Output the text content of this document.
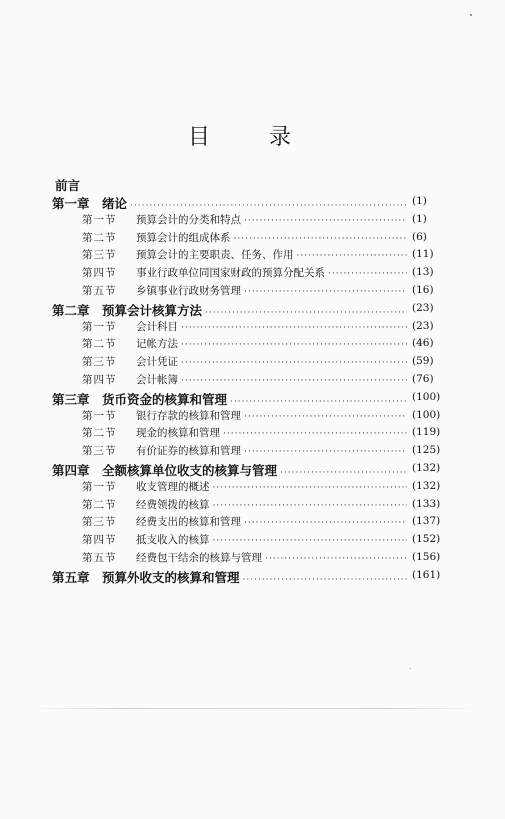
目 录
前言
第一章 绪论 ·····	(1)
第一节	预算会计的分类和特点 ·····	(1)
第二节	预算会计的组成体系 ·····	(6)
第三节	预算会计的主要职责、任务、作用 ·····	(11)
第四节	事业行政单位同国家财政的预算分配关系 ·····	(13)
第五节	乡镇事业行政财务管理 ·····	(16)
第二章 预算会计核算方法 ·····	(23)
第一节	会计科目 ·····	(23)
第二节	记帐方法 ·····	(46)
第三节	会计凭证 ·····	(59)
第四节	会计帐簿 ·····	(76)
第三章 货币资金的核算和管理 ·····	(100)
第一节	银行存款的核算和管理 ·····	(100)
第二节	现金的核算和管理 ·····	(119)
第三节	有价证券的核算和管理 ·····	(125)
第四章 全额核算单位收支的核算与管理 ·····	(132)
第一节	收支管理的概述 ·····	(132)
第二节	经费领拨的核算 ·····	(133)
第三节	经费支出的核算和管理 ·····	(137)
第四节	抵支收入的核算 ·····	(152)
第五节	经费包干结余的核算与管理 ·····	(156)
第五章 预算外收支的核算和管理 ·····	(161)
